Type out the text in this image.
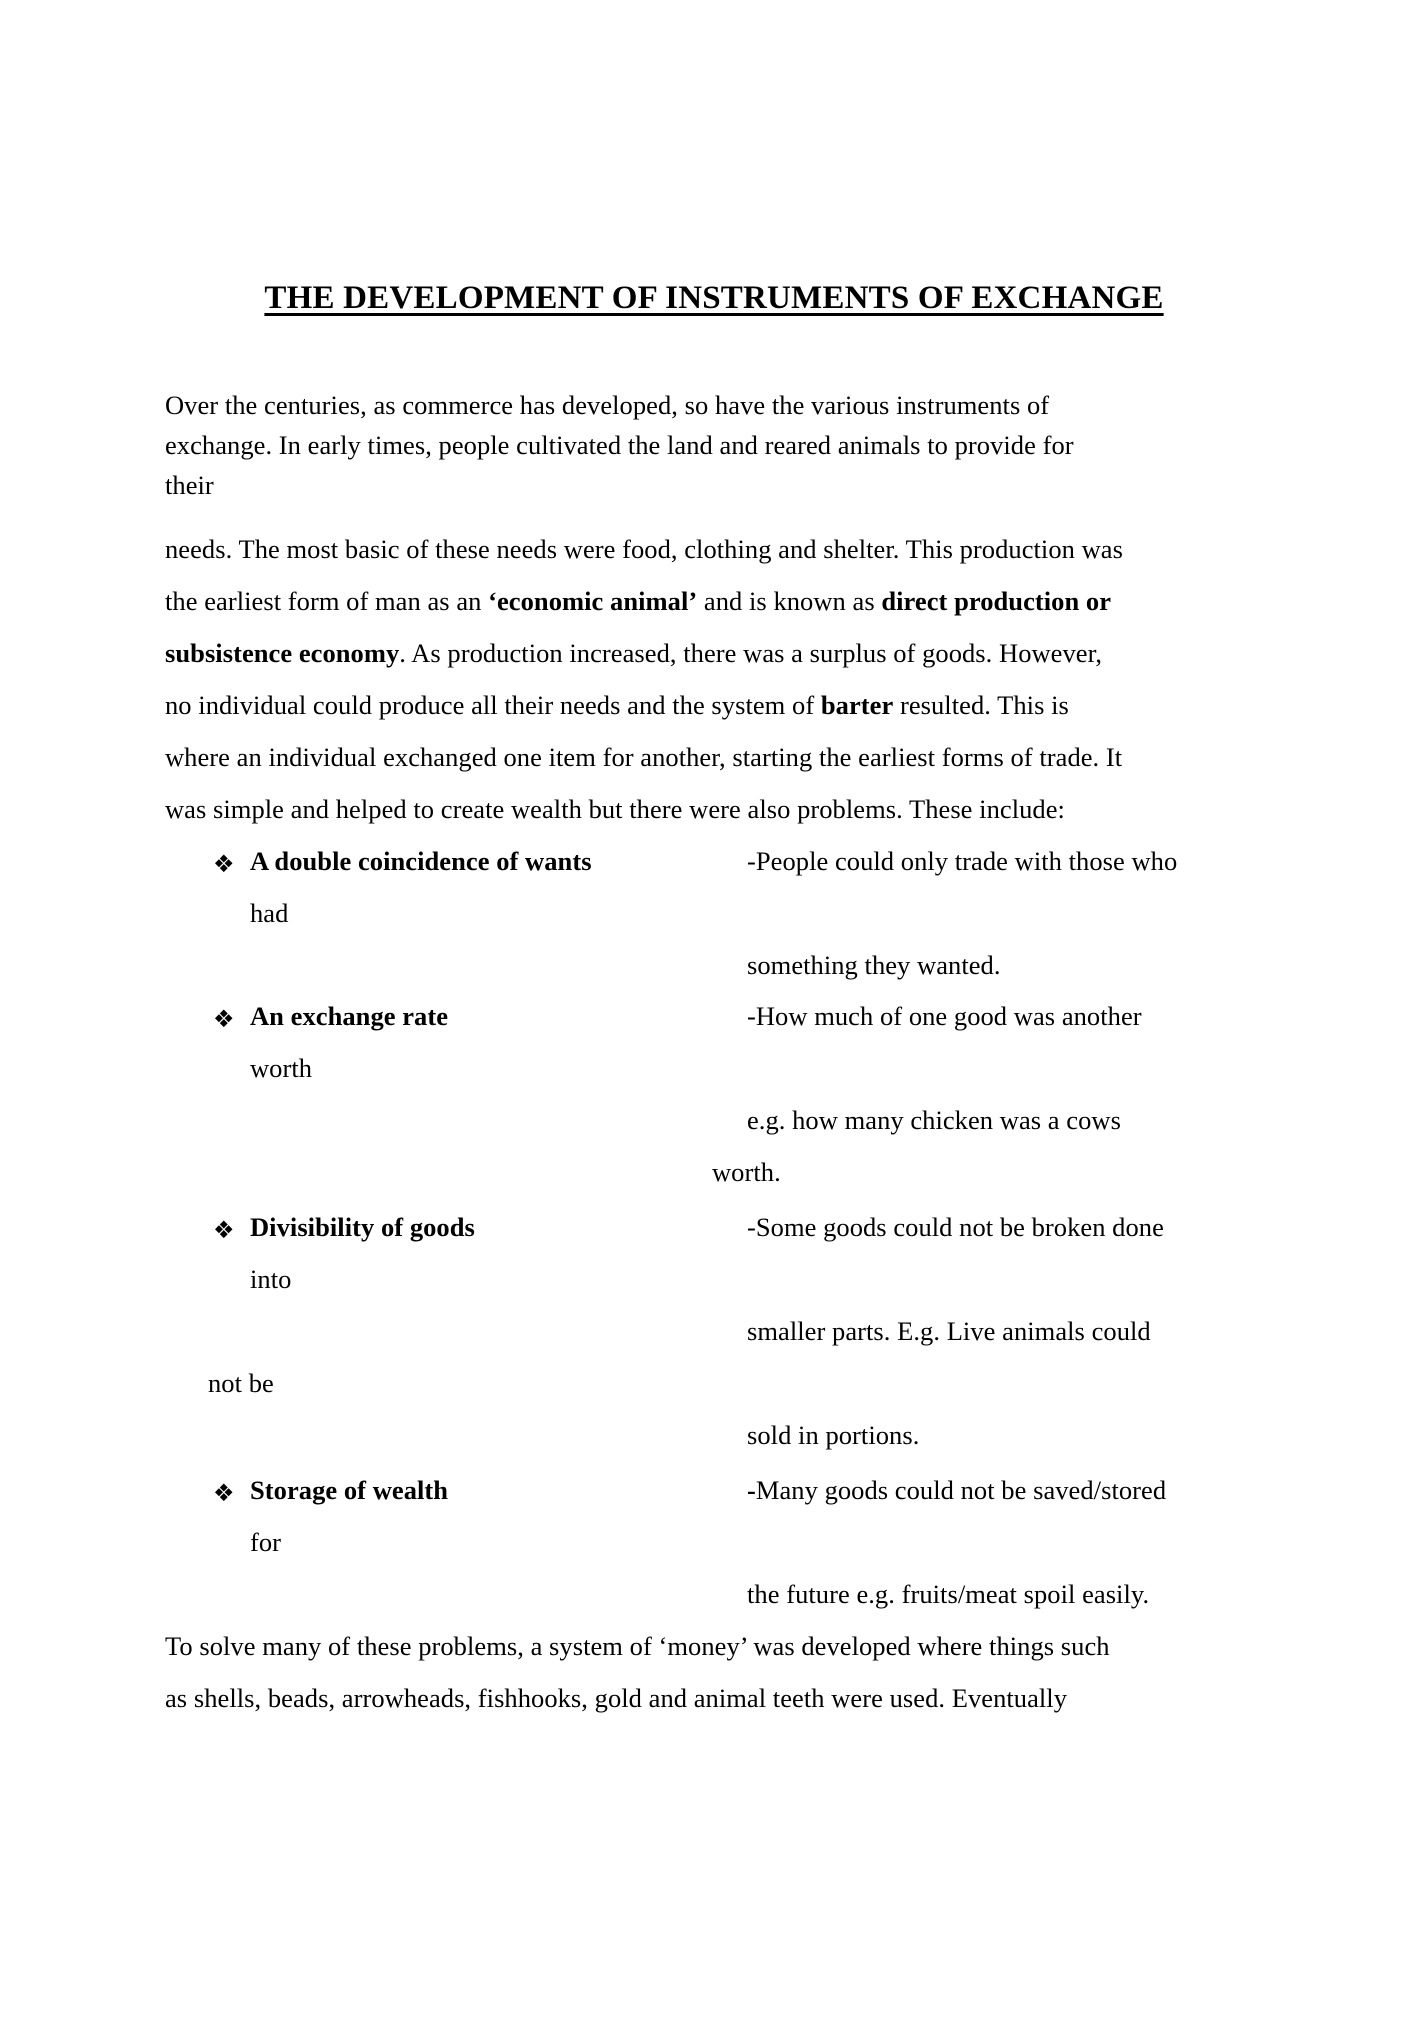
THE DEVELOPMENT OF INSTRUMENTS OF EXCHANGE
Over the centuries, as commerce has developed, so have the various instruments of
exchange. In early times, people cultivated the land and reared animals to provide for
their
needs. The most basic of these needs were food, clothing and shelter. This production was
the earliest form of man as an ‘economic animal’ and is known as direct production or
subsistence economy. As production increased, there was a surplus of goods. However,
no individual could produce all their needs and the system of barter resulted. This is
where an individual exchanged one item for another, starting the earliest forms of trade. It
was simple and helped to create wealth but there were also problems. These include:
❖ A double coincidence of wants
had
-People could only trade with those who
something they wanted.
❖ An exchange rate
worth
-How much of one good was another
e.g. how many chicken was a cows
worth.
❖ Divisibility of goods
into
-Some goods could not be broken done
smaller parts. E.g. Live animals could
not be
sold in portions.
❖ Storage of wealth
for
-Many goods could not be saved/stored
the future e.g. fruits/meat spoil easily.
To solve many of these problems, a system of ‘money’ was developed where things such
as shells, beads, arrowheads, fishhooks, gold and animal teeth were used. Eventually
